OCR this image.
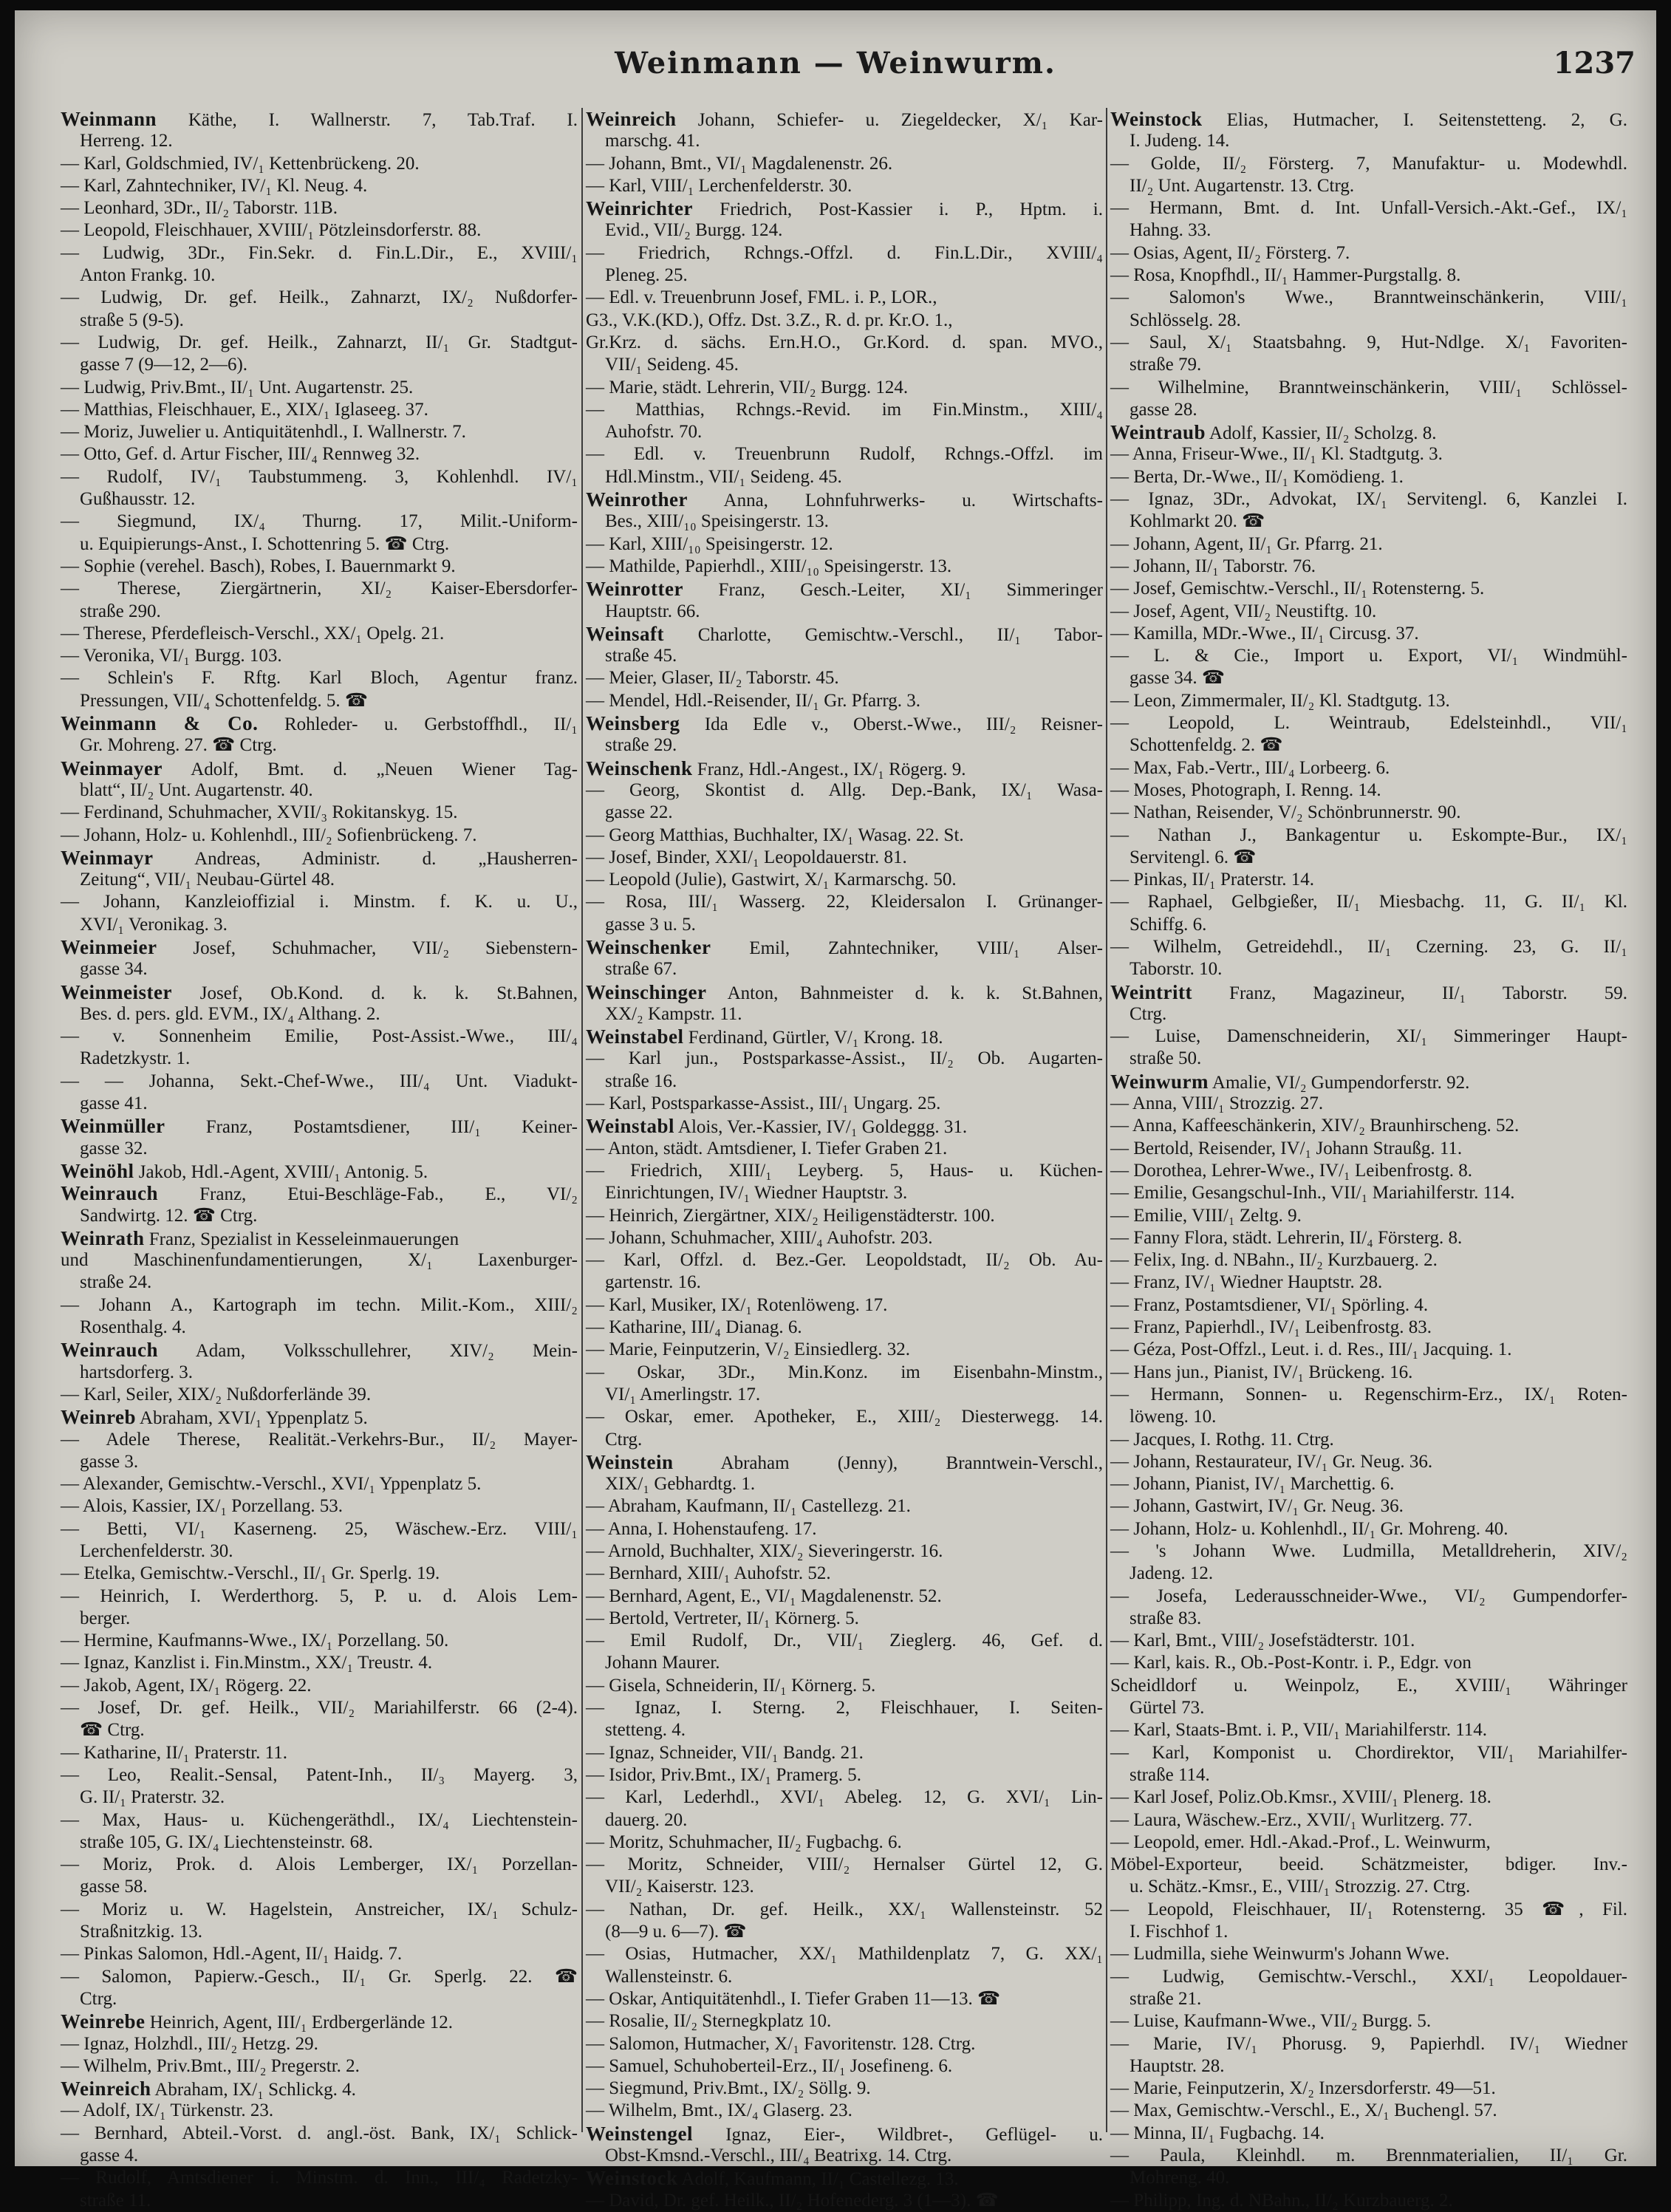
Weinmann — Weinwurm.	1237
Weinmann Käthe, I. Wallnerstr. 7, Tab.Traf. I.
Herreng. 12.
— Karl, Goldschmied, IV/₁ Kettenbrückeng. 20.
— Karl, Zahntechniker, IV/₁ Kl. Neug. 4.
— Leonhard, 3Dr., II/₂ Taborstr. 11B.
— Leopold, Fleischhauer, XVIII/₁ Pötzleinsdorferstr. 88.
— Ludwig, 3Dr., Fin.Sekr. d. Fin.L.Dir., E., XVIII/₁
Anton Frankg. 10.
— Ludwig, Dr. gef. Heilk., Zahnarzt, IX/₂ Nußdorfer-
straße 5 (9-5).
— Ludwig, Dr. gef. Heilk., Zahnarzt, II/₁ Gr. Stadtgut-
gasse 7 (9—12, 2—6).
— Ludwig, Priv.Bmt., II/₁ Unt. Augartenstr. 25.
— Matthias, Fleischhauer, E., XIX/₁ Iglaseeg. 37.
— Moriz, Juwelier u. Antiquitätenhdl., I. Wallnerstr. 7.
— Otto, Gef. d. Artur Fischer, III/₄ Rennweg 32.
— Rudolf, IV/₁ Taubstummeng. 3, Kohlenhdl. IV/₁
Gußhausstr. 12.
— Siegmund, IX/₄ Thurng. 17, Milit.-Uniform-
u. Equipierungs-Anst., I. Schottenring 5. ☎ Ctrg.
— Sophie (verehel. Basch), Robes, I. Bauernmarkt 9.
— Therese, Ziergärtnerin, XI/₂ Kaiser-Ebersdorfer-
straße 290.
— Therese, Pferdefleisch-Verschl., XX/₁ Opelg. 21.
— Veronika, VI/₁ Burgg. 103.
— Schlein's F. Rftg. Karl Bloch, Agentur franz.
Pressungen, VII/₄ Schottenfeldg. 5. ☎
Weinmann & Co. Rohleder- u. Gerbstoffhdl., II/₁
Gr. Mohreng. 27. ☎ Ctrg.
Weinmayer Adolf, Bmt. d. „Neuen Wiener Tag-
blatt“, II/₂ Unt. Augartenstr. 40.
— Ferdinand, Schuhmacher, XVII/₃ Rokitanskyg. 15.
— Johann, Holz- u. Kohlenhdl., III/₂ Sofienbrückeng. 7.
Weinmayr Andreas, Administr. d. „Hausherren-
Zeitung“, VII/₁ Neubau-Gürtel 48.
— Johann, Kanzleioffizial i. Minstm. f. K. u. U.,
XVI/₁ Veronikag. 3.
Weinmeier Josef, Schuhmacher, VII/₂ Siebenstern-
gasse 34.
Weinmeister Josef, Ob.Kond. d. k. k. St.Bahnen,
Bes. d. pers. gld. EVM., IX/₄ Althang. 2.
— v. Sonnenheim Emilie, Post-Assist.-Wwe., III/₄
Radetzkystr. 1.
— — Johanna, Sekt.-Chef-Wwe., III/₄ Unt. Viadukt-
gasse 41.
Weinmüller Franz, Postamtsdiener, III/₁ Keiner-
gasse 32.
Weinöhl Jakob, Hdl.-Agent, XVIII/₁ Antonig. 5.
Weinrauch Franz, Etui-Beschläge-Fab., E., VI/₂
Sandwirtg. 12. ☎ Ctrg.
Weinrath Franz, Spezialist in Kesseleinmauerungen
und Maschinenfundamentierungen, X/₁ Laxenburger-
straße 24.
— Johann A., Kartograph im techn. Milit.-Kom., XIII/₂
Rosenthalg. 4.
Weinrauch Adam, Volksschullehrer, XIV/₂ Mein-
hartsdorferg. 3.
— Karl, Seiler, XIX/₂ Nußdorferlände 39.
Weinreb Abraham, XVI/₁ Yppenplatz 5.
— Adele Therese, Realität.-Verkehrs-Bur., II/₂ Mayer-
gasse 3.
— Alexander, Gemischtw.-Verschl., XVI/₁ Yppenplatz 5.
— Alois, Kassier, IX/₁ Porzellang. 53.
— Betti, VI/₁ Kaserneng. 25, Wäschew.-Erz. VIII/₁
Lerchenfelderstr. 30.
— Etelka, Gemischtw.-Verschl., II/₁ Gr. Sperlg. 19.
— Heinrich, I. Werderthorg. 5, P. u. d. Alois Lem-
berger.
— Hermine, Kaufmanns-Wwe., IX/₁ Porzellang. 50.
— Ignaz, Kanzlist i. Fin.Minstm., XX/₁ Treustr. 4.
— Jakob, Agent, IX/₁ Rögerg. 22.
— Josef, Dr. gef. Heilk., VII/₂ Mariahilferstr. 66 (2-4).
☎ Ctrg.
— Katharine, II/₁ Praterstr. 11.
— Leo, Realit.-Sensal, Patent-Inh., II/₃ Mayerg. 3,
G. II/₁ Praterstr. 32.
— Max, Haus- u. Küchengeräthdl., IX/₄ Liechtenstein-
straße 105, G. IX/₄ Liechtensteinstr. 68.
— Moriz, Prok. d. Alois Lemberger, IX/₁ Porzellan-
gasse 58.
— Moriz u. W. Hagelstein, Anstreicher, IX/₁ Schulz-
Straßnitzkig. 13.
— Pinkas Salomon, Hdl.-Agent, II/₁ Haidg. 7.
— Salomon, Papierw.-Gesch., II/₁ Gr. Sperlg. 22. ☎
Ctrg.
Weinrebe Heinrich, Agent, III/₁ Erdbergerlände 12.
— Ignaz, Holzhdl., III/₂ Hetzg. 29.
— Wilhelm, Priv.Bmt., III/₂ Pregerstr. 2.
Weinreich Abraham, IX/₁ Schlickg. 4.
— Adolf, IX/₁ Türkenstr. 23.
— Bernhard, Abteil.-Vorst. d. angl.-öst. Bank, IX/₁ Schlick-
gasse 4.
— Rudolf, Amtsdiener i. Minstm. d. Inn., III/₄ Radetzky-
straße 11.
Weinreich Johann, Schiefer- u. Ziegeldecker, X/₁ Kar-
marschg. 41.
— Johann, Bmt., VI/₁ Magdalenenstr. 26.
— Karl, VIII/₁ Lerchenfelderstr. 30.
Weinrichter Friedrich, Post-Kassier i. P., Hptm. i.
Evid., VII/₂ Burgg. 124.
— Friedrich, Rchngs.-Offzl. d. Fin.L.Dir., XVIII/₄
Pleneg. 25.
— Edl. v. Treuenbrunn Josef, FML. i. P., LOR.,
G3., V.K.(KD.), Offz. Dst. 3.Z., R. d. pr. Kr.O. 1.,
Gr.Krz. d. sächs. Ern.H.O., Gr.Kord. d. span. MVO.,
VII/₁ Seideng. 45.
— Marie, städt. Lehrerin, VII/₂ Burgg. 124.
— Matthias, Rchngs.-Revid. im Fin.Minstm., XIII/₄
Auhofstr. 70.
— Edl. v. Treuenbrunn Rudolf, Rchngs.-Offzl. im
Hdl.Minstm., VII/₁ Seideng. 45.
Weinrother Anna, Lohnfuhrwerks- u. Wirtschafts-
Bes., XIII/₁₀ Speisingerstr. 13.
— Karl, XIII/₁₀ Speisingerstr. 12.
— Mathilde, Papierhdl., XIII/₁₀ Speisingerstr. 13.
Weinrotter Franz, Gesch.-Leiter, XI/₁ Simmeringer
Hauptstr. 66.
Weinsaft Charlotte, Gemischtw.-Verschl., II/₁ Tabor-
straße 45.
— Meier, Glaser, II/₂ Taborstr. 45.
— Mendel, Hdl.-Reisender, II/₁ Gr. Pfarrg. 3.
Weinsberg Ida Edle v., Oberst.-Wwe., III/₂ Reisner-
straße 29.
Weinschenk Franz, Hdl.-Angest., IX/₁ Rögerg. 9.
— Georg, Skontist d. Allg. Dep.-Bank, IX/₁ Wasa-
gasse 22.
— Georg Matthias, Buchhalter, IX/₁ Wasag. 22. St.
— Josef, Binder, XXI/₁ Leopoldauerstr. 81.
— Leopold (Julie), Gastwirt, X/₁ Karmarschg. 50.
— Rosa, III/₁ Wasserg. 22, Kleidersalon I. Grünanger-
gasse 3 u. 5.
Weinschenker Emil, Zahntechniker, VIII/₁ Alser-
straße 67.
Weinschinger Anton, Bahnmeister d. k. k. St.Bahnen,
XX/₂ Kampstr. 11.
Weinstabel Ferdinand, Gürtler, V/₁ Krong. 18.
— Karl jun., Postsparkasse-Assist., II/₂ Ob. Augarten-
straße 16.
— Karl, Postsparkasse-Assist., III/₁ Ungarg. 25.
Weinstabl Alois, Ver.-Kassier, IV/₁ Goldeggg. 31.
— Anton, städt. Amtsdiener, I. Tiefer Graben 21.
— Friedrich, XIII/₁ Leyberg. 5, Haus- u. Küchen-
Einrichtungen, IV/₁ Wiedner Hauptstr. 3.
— Heinrich, Ziergärtner, XIX/₂ Heiligenstädterstr. 100.
— Johann, Schuhmacher, XIII/₄ Auhofstr. 203.
— Karl, Offzl. d. Bez.-Ger. Leopoldstadt, II/₂ Ob. Au-
gartenstr. 16.
— Karl, Musiker, IX/₁ Rotenlöweng. 17.
— Katharine, III/₄ Dianag. 6.
— Marie, Feinputzerin, V/₂ Einsiedlerg. 32.
— Oskar, 3Dr., Min.Konz. im Eisenbahn-Minstm.,
VI/₁ Amerlingstr. 17.
— Oskar, emer. Apotheker, E., XIII/₂ Diesterwegg. 14.
Ctrg.
Weinstein Abraham (Jenny), Branntwein-Verschl.,
XIX/₁ Gebhardtg. 1.
— Abraham, Kaufmann, II/₁ Castellezg. 21.
— Anna, I. Hohenstaufeng. 17.
— Arnold, Buchhalter, XIX/₂ Sieveringerstr. 16.
— Bernhard, XIII/₁ Auhofstr. 52.
— Bernhard, Agent, E., VI/₁ Magdalenenstr. 52.
— Bertold, Vertreter, II/₁ Körnerg. 5.
— Emil Rudolf, Dr., VII/₁ Zieglerg. 46, Gef. d.
Johann Maurer.
— Gisela, Schneiderin, II/₁ Körnerg. 5.
— Ignaz, I. Sterng. 2, Fleischhauer, I. Seiten-
stetteng. 4.
— Ignaz, Schneider, VII/₁ Bandg. 21.
— Isidor, Priv.Bmt., IX/₁ Pramerg. 5.
— Karl, Lederhdl., XVI/₁ Abeleg. 12, G. XVI/₁ Lin-
dauerg. 20.
— Moritz, Schuhmacher, II/₂ Fugbachg. 6.
— Moritz, Schneider, VIII/₂ Hernalser Gürtel 12, G.
VII/₂ Kaiserstr. 123.
— Nathan, Dr. gef. Heilk., XX/₁ Wallensteinstr. 52
(8—9 u. 6—7). ☎
— Osias, Hutmacher, XX/₁ Mathildenplatz 7, G. XX/₁
Wallensteinstr. 6.
— Oskar, Antiquitätenhdl., I. Tiefer Graben 11—13. ☎
— Rosalie, II/₂ Sternegkplatz 10.
— Salomon, Hutmacher, X/₁ Favoritenstr. 128. Ctrg.
— Samuel, Schuhoberteil-Erz., II/₁ Josefineng. 6.
— Siegmund, Priv.Bmt., IX/₂ Söllg. 9.
— Wilhelm, Bmt., IX/₄ Glaserg. 23.
Weinstengel Ignaz, Eier-, Wildbret-, Geflügel- u.
Obst-Kmsnd.-Verschl., III/₄ Beatrixg. 14. Ctrg.
Weinstock Adolf, Kaufmann, II/₁ Castellezg. 13.
— David, Dr. gef. Heilk., II/₂ Hofenederg. 3 (1—3). ☎
Weinstock Elias, Hutmacher, I. Seitenstetteng. 2, G.
I. Judeng. 14.
— Golde, II/₂ Försterg. 7, Manufaktur- u. Modewhdl.
II/₂ Unt. Augartenstr. 13. Ctrg.
— Hermann, Bmt. d. Int. Unfall-Versich.-Akt.-Gef., IX/₁
Hahng. 33.
— Osias, Agent, II/₂ Försterg. 7.
— Rosa, Knopfhdl., II/₁ Hammer-Purgstallg. 8.
— Salomon's Wwe., Branntweinschänkerin, VIII/₁
Schlösselg. 28.
— Saul, X/₁ Staatsbahng. 9, Hut-Ndlge. X/₁ Favoriten-
straße 79.
— Wilhelmine, Branntweinschänkerin, VIII/₁ Schlössel-
gasse 28.
Weintraub Adolf, Kassier, II/₂ Scholzg. 8.
— Anna, Friseur-Wwe., II/₁ Kl. Stadtgutg. 3.
— Berta, Dr.-Wwe., II/₁ Komödieng. 1.
— Ignaz, 3Dr., Advokat, IX/₁ Servitengl. 6, Kanzlei I.
Kohlmarkt 20. ☎
— Johann, Agent, II/₁ Gr. Pfarrg. 21.
— Johann, II/₁ Taborstr. 76.
— Josef, Gemischtw.-Verschl., II/₁ Rotensterng. 5.
— Josef, Agent, VII/₂ Neustiftg. 10.
— Kamilla, MDr.-Wwe., II/₁ Circusg. 37.
— L. & Cie., Import u. Export, VI/₁ Windmühl-
gasse 34. ☎
— Leon, Zimmermaler, II/₂ Kl. Stadtgutg. 13.
— Leopold, L. Weintraub, Edelsteinhdl., VII/₁
Schottenfeldg. 2. ☎
— Max, Fab.-Vertr., III/₄ Lorbeerg. 6.
— Moses, Photograph, I. Renng. 14.
— Nathan, Reisender, V/₂ Schönbrunnerstr. 90.
— Nathan J., Bankagentur u. Eskompte-Bur., IX/₁
Servitengl. 6. ☎
— Pinkas, II/₁ Praterstr. 14.
— Raphael, Gelbgießer, II/₁ Miesbachg. 11, G. II/₁ Kl.
Schiffg. 6.
— Wilhelm, Getreidehdl., II/₁ Czerning. 23, G. II/₁
Taborstr. 10.
Weintritt Franz, Magazineur, II/₁ Taborstr. 59.
Ctrg.
— Luise, Damenschneiderin, XI/₁ Simmeringer Haupt-
straße 50.
Weinwurm Amalie, VI/₂ Gumpendorferstr. 92.
— Anna, VIII/₁ Strozzig. 27.
— Anna, Kaffeeschänkerin, XIV/₂ Braunhirscheng. 52.
— Bertold, Reisender, IV/₁ Johann Straußg. 11.
— Dorothea, Lehrer-Wwe., IV/₁ Leibenfrostg. 8.
— Emilie, Gesangschul-Inh., VII/₁ Mariahilferstr. 114.
— Emilie, VIII/₁ Zeltg. 9.
— Fanny Flora, städt. Lehrerin, II/₄ Försterg. 8.
— Felix, Ing. d. NBahn., II/₂ Kurzbauerg. 2.
— Franz, IV/₁ Wiedner Hauptstr. 28.
— Franz, Postamtsdiener, VI/₁ Spörling. 4.
— Franz, Papierhdl., IV/₁ Leibenfrostg. 83.
— Géza, Post-Offzl., Leut. i. d. Res., III/₁ Jacquing. 1.
— Hans jun., Pianist, IV/₁ Brückeng. 16.
— Hermann, Sonnen- u. Regenschirm-Erz., IX/₁ Roten-
löweng. 10.
— Jacques, I. Rothg. 11. Ctrg.
— Johann, Restaurateur, IV/₁ Gr. Neug. 36.
— Johann, Pianist, IV/₁ Marchettig. 6.
— Johann, Gastwirt, IV/₁ Gr. Neug. 36.
— Johann, Holz- u. Kohlenhdl., II/₁ Gr. Mohreng. 40.
— 's Johann Wwe. Ludmilla, Metalldreherin, XIV/₂
Jadeng. 12.
— Josefa, Lederausschneider-Wwe., VI/₂ Gumpendorfer-
straße 83.
— Karl, Bmt., VIII/₂ Josefstädterstr. 101.
— Karl, kais. R., Ob.-Post-Kontr. i. P., Edgr. von
Scheidldorf u. Weinpolz, E., XVIII/₁ Währinger
Gürtel 73.
— Karl, Staats-Bmt. i. P., VII/₁ Mariahilferstr. 114.
— Karl, Komponist u. Chordirektor, VII/₁ Mariahilfer-
straße 114.
— Karl Josef, Poliz.Ob.Kmsr., XVIII/₁ Plenerg. 18.
— Laura, Wäschew.-Erz., XVII/₁ Wurlitzerg. 77.
— Leopold, emer. Hdl.-Akad.-Prof., L. Weinwurm,
Möbel-Exporteur, beeid. Schätzmeister, bdiger. Inv.-
u. Schätz.-Kmsr., E., VIII/₁ Strozzig. 27. Ctrg.
— Leopold, Fleischhauer, II/₁ Rotensterng. 35 ☎, Fil.
I. Fischhof 1.
— Ludmilla, siehe Weinwurm's Johann Wwe.
— Ludwig, Gemischtw.-Verschl., XXI/₁ Leopoldauer-
straße 21.
— Luise, Kaufmann-Wwe., VII/₂ Burgg. 5.
— Marie, IV/₁ Phorusg. 9, Papierhdl. IV/₁ Wiedner
Hauptstr. 28.
— Marie, Feinputzerin, X/₂ Inzersdorferstr. 49—51.
— Max, Gemischtw.-Verschl., E., X/₁ Buchengl. 57.
— Minna, II/₁ Fugbachg. 14.
— Paula, Kleinhdl. m. Brennmaterialien, II/₁ Gr.
Mohreng. 40.
— Philipp, Ing. d. NBahn., II/₂ Kurzbauerg. 2.
